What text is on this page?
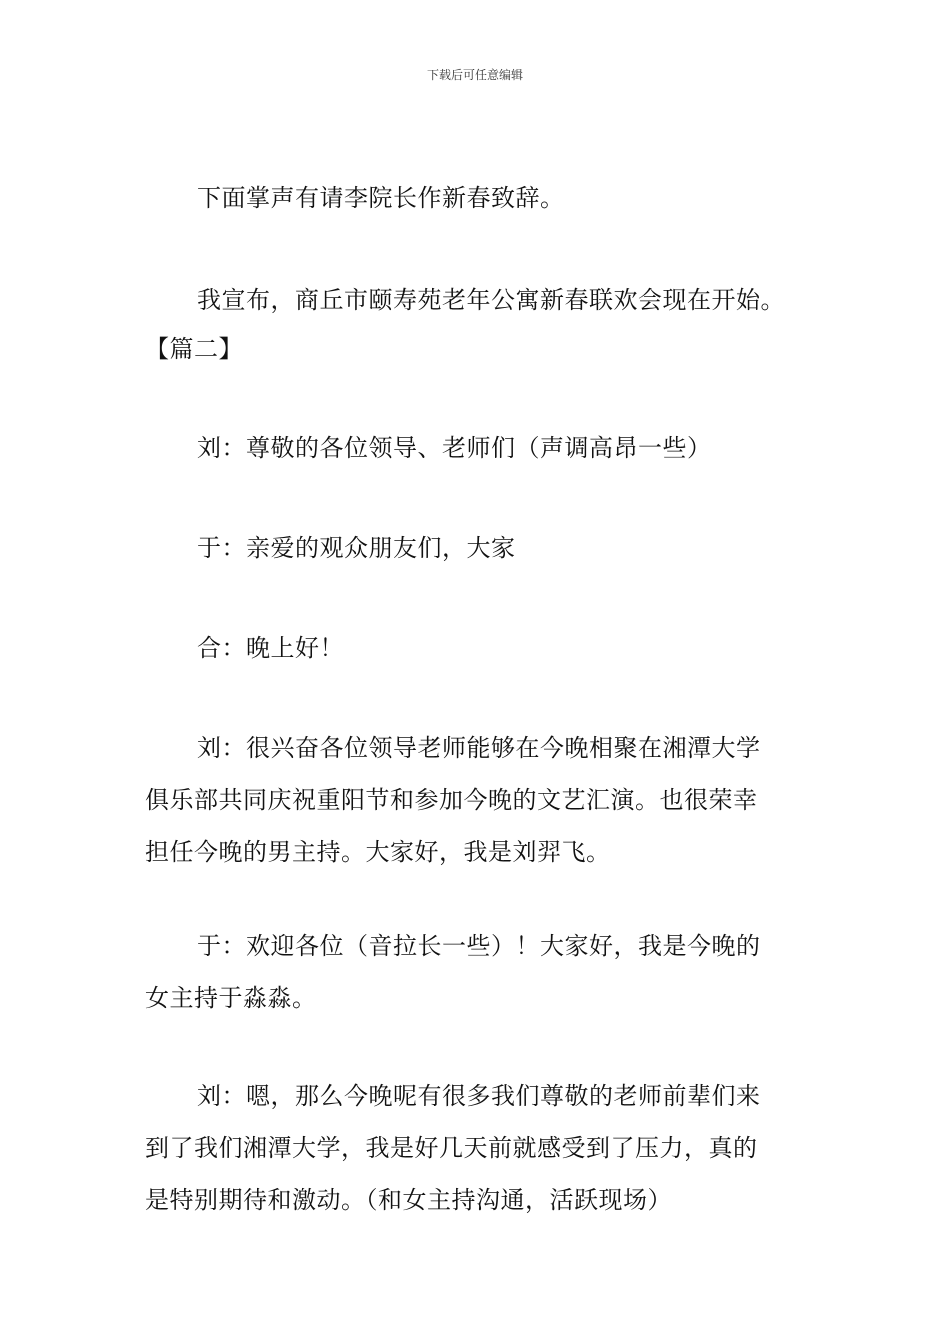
下载后可任意编辑
下面掌声有请李院长作新春致辞。
我宣布，商丘市颐寿苑老年公寓新春联欢会现在开始。
【篇二】
刘：尊敬的各位领导、老师们（声调高昂一些）
于：亲爱的观众朋友们，大家
合：晚上好！
刘：很兴奋各位领导老师能够在今晚相聚在湘潭大学
俱乐部共同庆祝重阳节和参加今晚的文艺汇演。也很荣幸
担任今晚的男主持。大家好，我是刘羿飞。
于：欢迎各位（音拉长一些）！大家好，我是今晚的
女主持于淼淼。
刘：嗯，那么今晚呢有很多我们尊敬的老师前辈们来
到了我们湘潭大学，我是好几天前就感受到了压力，真的
是特别期待和激动。（和女主持沟通，活跃现场）
